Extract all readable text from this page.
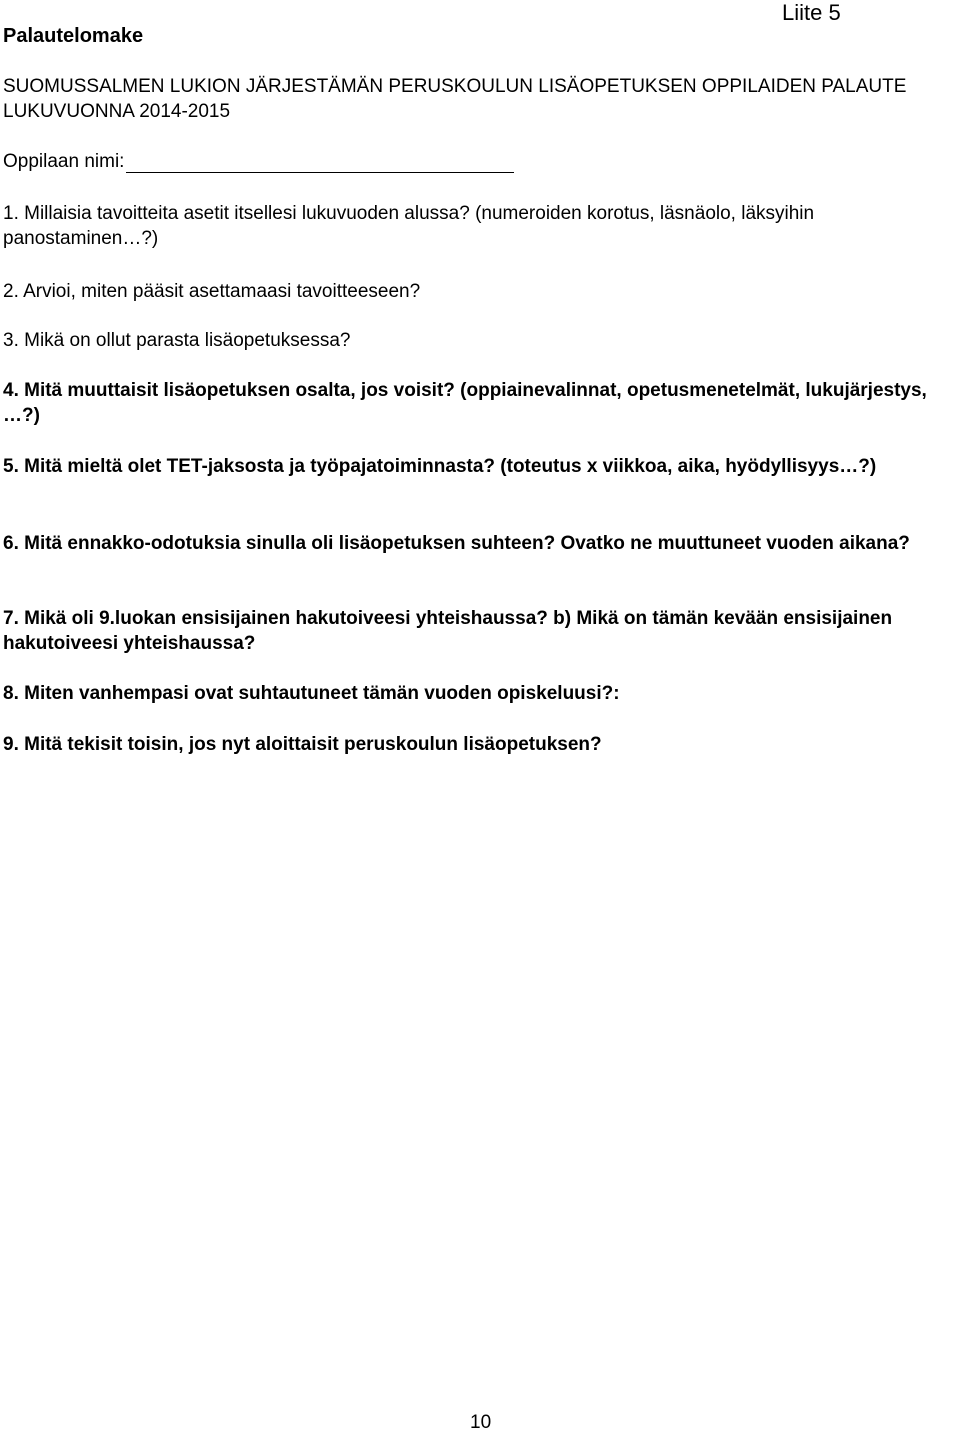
Palautelomake
Liite 5
SUOMUSSALMEN LUKION JÄRJESTÄMÄN PERUSKOULUN LISÄOPETUKSEN OPPILAIDEN PALAUTE LUKUVUONNA 2014-2015
Oppilaan nimi:
1. Millaisia tavoitteita asetit itsellesi lukuvuoden alussa? (numeroiden korotus, läsnäolo, läksyihin panostaminen…?)
2. Arvioi, miten pääsit asettamaasi tavoitteeseen?
3. Mikä on ollut parasta lisäopetuksessa?
4. Mitä muuttaisit lisäopetuksen osalta, jos voisit? (oppiainevalinnat, opetusmenetelmät, lukujärjestys, …?)
5. Mitä mieltä olet TET-jaksosta ja työpajatoiminnasta? (toteutus x viikkoa, aika, hyödyllisyys…?)
6. Mitä ennakko-odotuksia sinulla oli lisäopetuksen suhteen? Ovatko ne muuttuneet vuoden aikana?
7. Mikä oli 9.luokan ensisijainen hakutoiveesi yhteishaussa? b) Mikä on tämän kevään ensisijainen hakutoiveesi yhteishaussa?
8. Miten vanhempasi ovat suhtautuneet tämän vuoden opiskeluusi?:
9. Mitä tekisit toisin, jos nyt aloittaisit peruskoulun lisäopetuksen?
10
